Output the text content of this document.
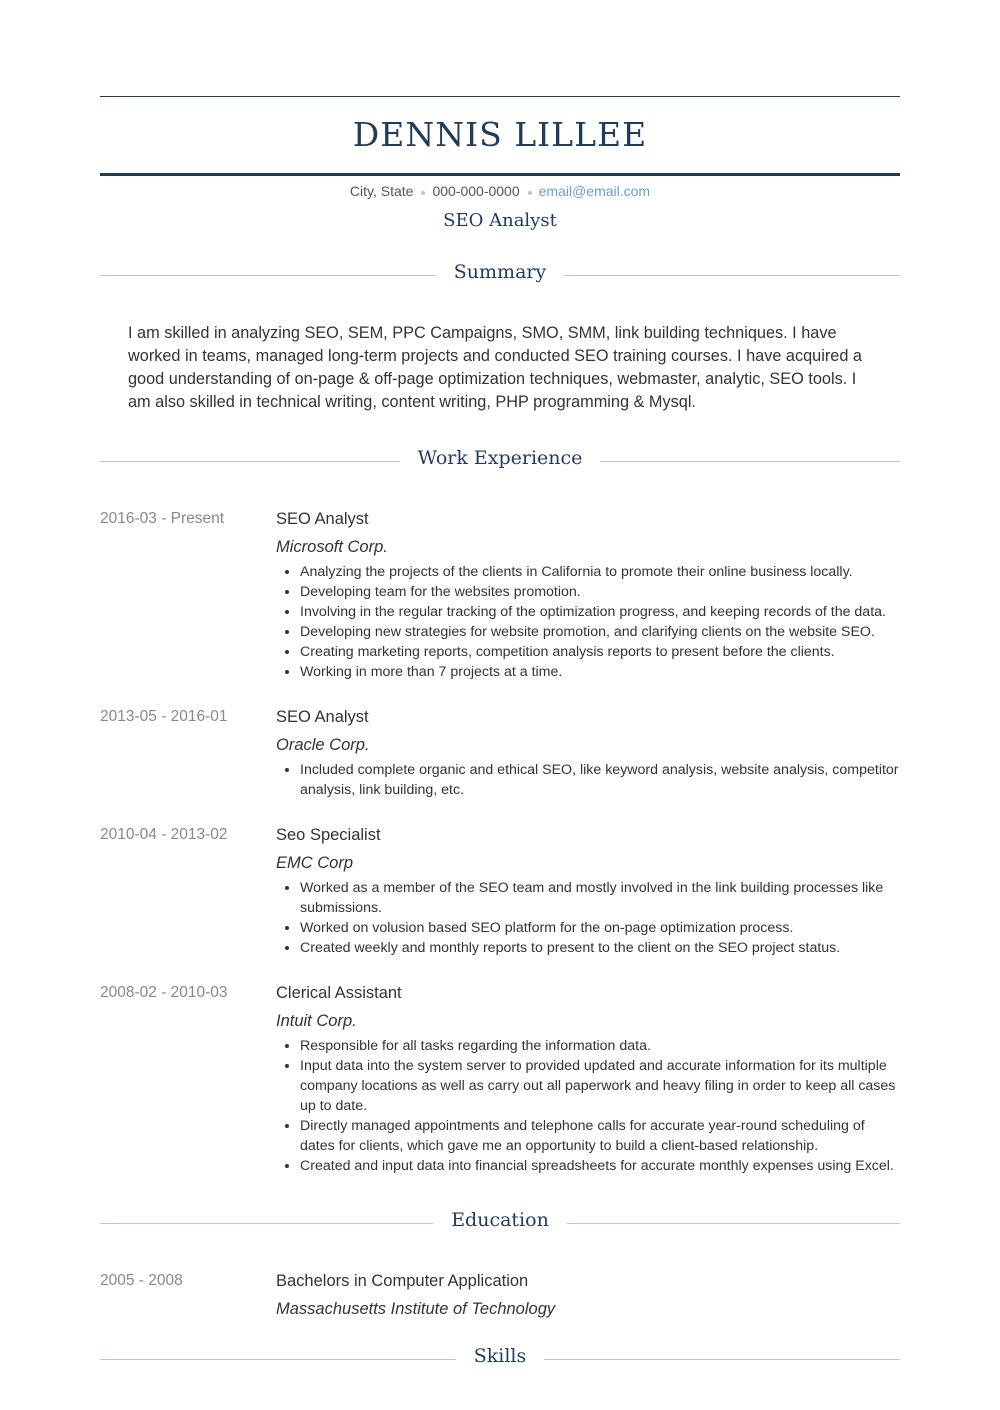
DENNIS LILLEE
City, State 000-000-0000 email@email.com
SEO Analyst
Summary

I am skilled in analyzing SEO, SEM, PPC Campaigns, SMO, SMM, link building techniques. I have worked in teams, managed long-term projects and conducted SEO training courses. I have acquired a good understanding of on-page & off-page optimization techniques, webmaster, analytic, SEO tools. I am also skilled in technical writing, content writing, PHP programming & Mysql.

Work Experience
2016-03 - Present	SEO Analyst
Microsoft Corp.
• Analyzing the projects of the clients in California to promote their online business locally.
• Developing team for the websites promotion.
• Involving in the regular tracking of the optimization progress, and keeping records of the data.
• Developing new strategies for website promotion, and clarifying clients on the website SEO.
• Creating marketing reports, competition analysis reports to present before the clients.
• Working in more than 7 projects at a time.
2013-05 - 2016-01	SEO Analyst
Oracle Corp.
• Included complete organic and ethical SEO, like keyword analysis, website analysis, competitor analysis, link building, etc.
2010-04 - 2013-02	Seo Specialist
EMC Corp
• Worked as a member of the SEO team and mostly involved in the link building processes like submissions.
• Worked on volusion based SEO platform for the on-page optimization process.
• Created weekly and monthly reports to present to the client on the SEO project status.
2008-02 - 2010-03	Clerical Assistant
Intuit Corp.
• Responsible for all tasks regarding the information data.
• Input data into the system server to provided updated and accurate information for its multiple company locations as well as carry out all paperwork and heavy filing in order to keep all cases up to date.
• Directly managed appointments and telephone calls for accurate year-round scheduling of dates for clients, which gave me an opportunity to build a client-based relationship.
• Created and input data into financial spreadsheets for accurate monthly expenses using Excel.
Education
2005 - 2008	Bachelors in Computer Application
Massachusetts Institute of Technology
Skills
